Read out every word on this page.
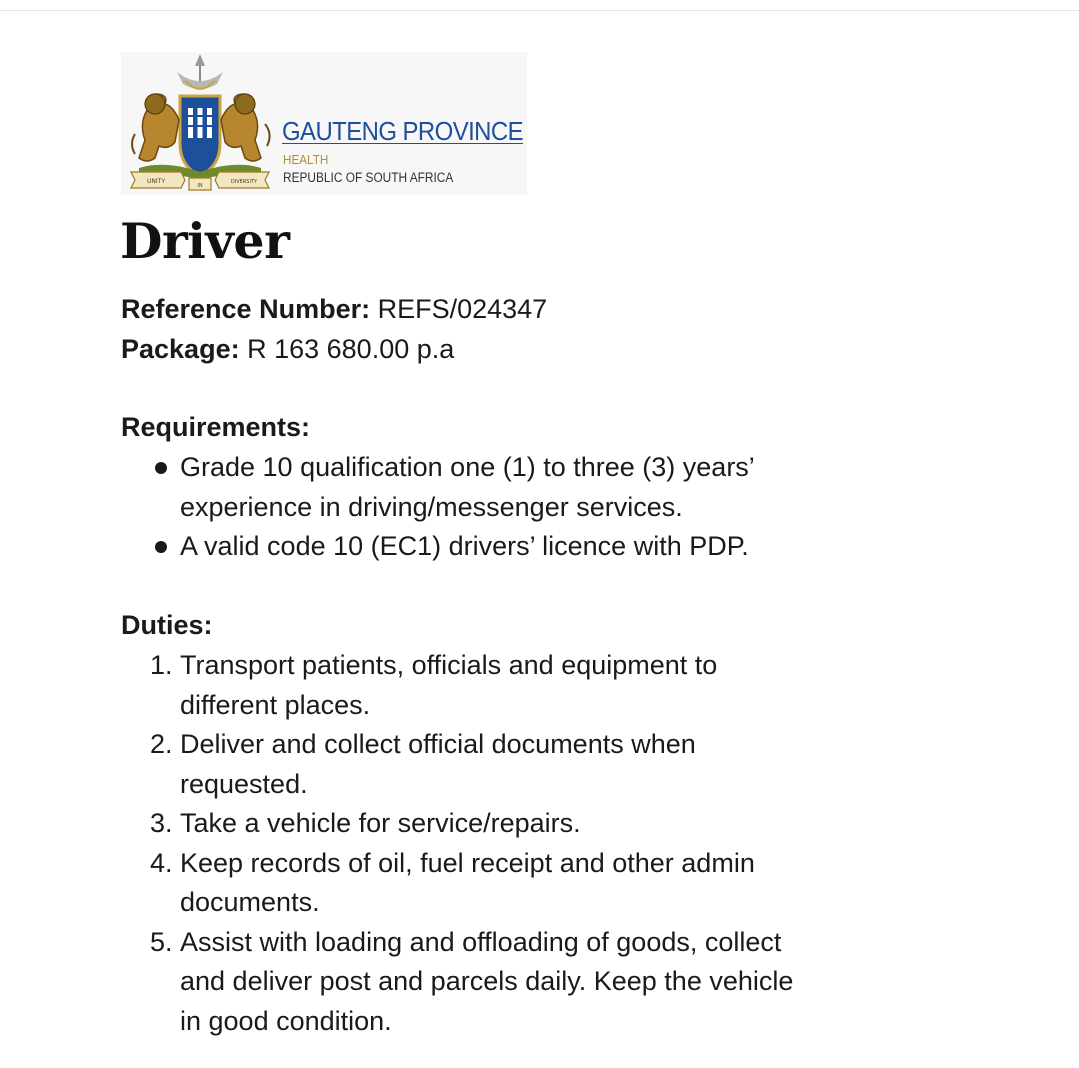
UNITY
IN
DIVERSITY
GAUTENG PROVINCE
HEALTH
REPUBLIC OF SOUTH AFRICA
Driver
Reference Number: REFS/024347
Package: R 163 680.00 p.a
Requirements:
Grade 10 qualification one (1) to three (3) years’
experience in driving/messenger services.
A valid code 10 (EC1) drivers’ licence with PDP.
Duties:
1. Transport patients, officials and equipment to
different places.
2. Deliver and collect official documents when
requested.
3. Take a vehicle for service/repairs.
4. Keep records of oil, fuel receipt and other admin
documents.
5. Assist with loading and offloading of goods, collect
and deliver post and parcels daily. Keep the vehicle
in good condition.
